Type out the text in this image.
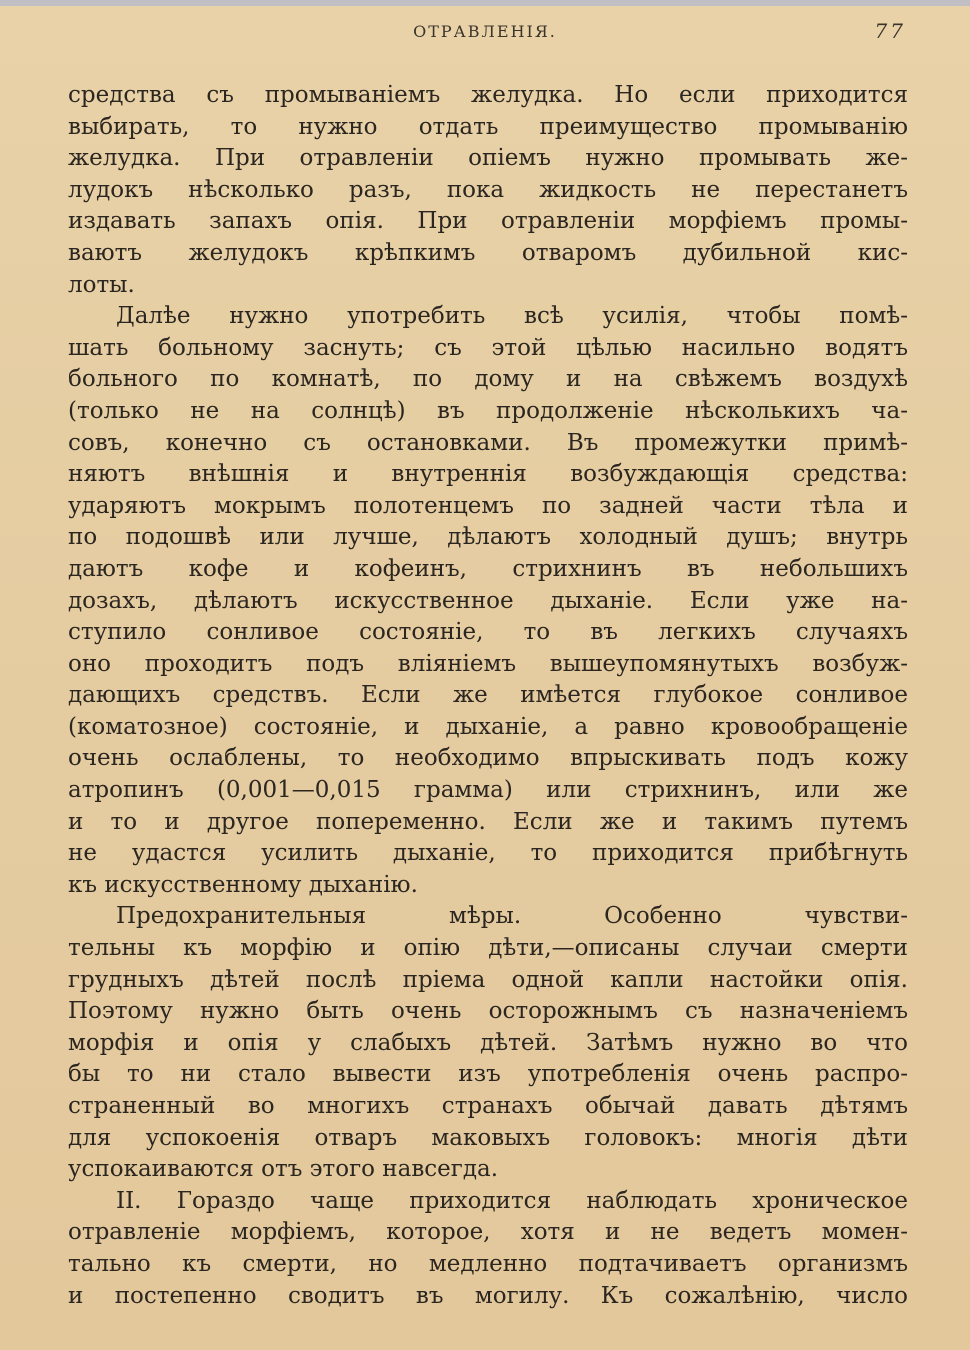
ОТРАВЛЕНІЯ.	77
средства съ промываніемъ желудка. Но если приходится
выбирать, то нужно отдать преимущество промыванію
желудка. При отравленіи опіемъ нужно промывать же-
лудокъ нѣсколько разъ, пока жидкость не перестанетъ
издавать запахъ опія. При отравленіи морфіемъ промы-
ваютъ желудокъ крѣпкимъ отваромъ дубильной кис-
лоты.
Далѣе нужно употребить всѣ усилія, чтобы помѣ-
шать больному заснуть; съ этой цѣлью насильно водятъ
больного по комнатѣ, по дому и на свѣжемъ воздухѣ
(только не на солнцѣ) въ продолженіе нѣсколькихъ ча-
совъ, конечно съ остановками. Въ промежутки примѣ-
няютъ внѣшнія и внутреннія возбуждающія средства:
ударяютъ мокрымъ полотенцемъ по задней части тѣла и
по подошвѣ или лучше, дѣлаютъ холодный душъ; внутрь
даютъ кофе и кофеинъ, стрихнинъ въ небольшихъ
дозахъ, дѣлаютъ искусственное дыханіе. Если уже на-
ступило сонливое состояніе, то въ легкихъ случаяхъ
оно проходитъ подъ вліяніемъ вышеупомянутыхъ возбуж-
дающихъ средствъ. Если же имѣется глубокое сонливое
(коматозное) состояніе, и дыханіе, а равно кровообращеніе
очень ослаблены, то необходимо впрыскивать подъ кожу
атропинъ (0,001—0,015 грамма) или стрихнинъ, или же
и то и другое попеременно. Если же и такимъ путемъ
не удастся усилить дыханіе, то приходится прибѣгнуть
къ искусственному дыханію.
Предохранительныя мѣры. Особенно чувстви-
тельны къ морфію и опію дѣти,—описаны случаи смерти
грудныхъ дѣтей послѣ пріема одной капли настойки опія.
Поэтому нужно быть очень осторожнымъ съ назначеніемъ
морфія и опія у слабыхъ дѣтей. Затѣмъ нужно во что
бы то ни стало вывести изъ употребленія очень распро-
страненный во многихъ странахъ обычай давать дѣтямъ
для успокоенія отваръ маковыхъ головокъ: многія дѣти
успокаиваются отъ этого навсегда.
II. Гораздо чаще приходится наблюдать хроническое
отравленіе морфіемъ, которое, хотя и не ведетъ момен-
тально къ смерти, но медленно подтачиваетъ организмъ
и постепенно сводитъ въ могилу. Къ сожалѣнію, число
